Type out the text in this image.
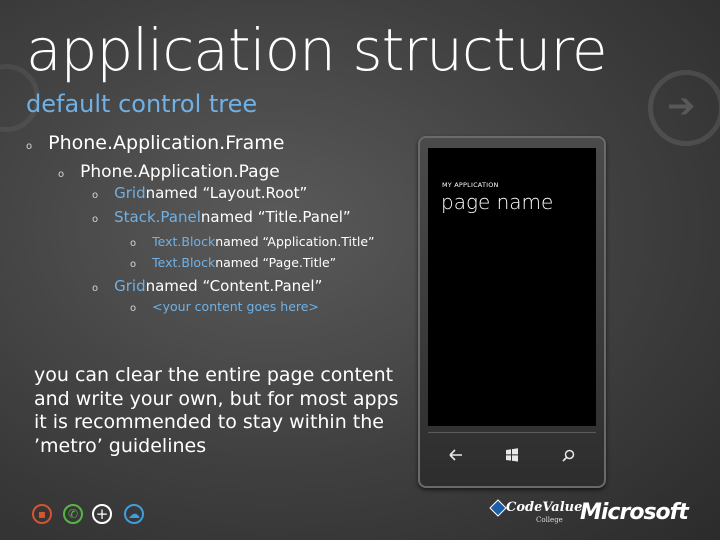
➔
application structure
default control tree
o Phone.Application.Frame
o Phone.Application.Page
o Grid named “Layout.Root”
o Stack.Panel named “Title.Panel”
o Text.Block named “Application.Title”
o Text.Block named “Page.Title”
o Grid named “Content.Panel”
o <your content goes here>

you can clear the entire page content and write your own, but for most apps it is recommended to stay within the ’metro’ guidelines

MY APPLICATION
page name
▪	✆	+	☁	CodeValue
College Microsoft
